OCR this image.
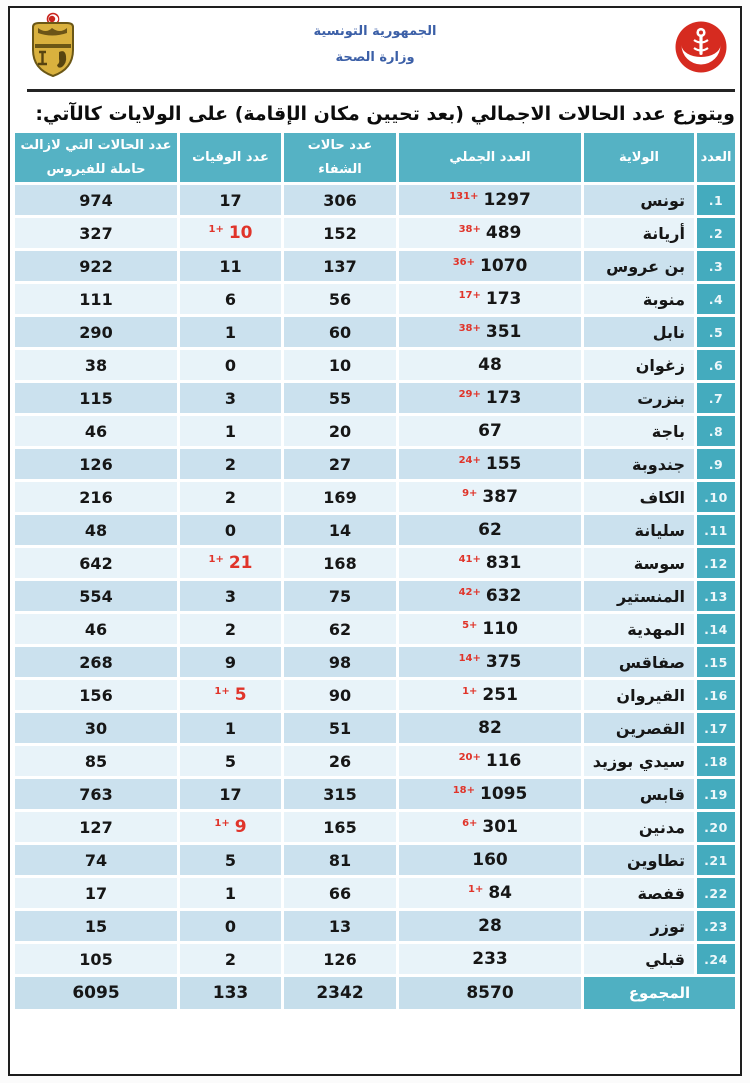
الجمهورية التونسية
وزارة الصحة
ويتوزع عدد الحالات الاجمالي (بعد تحيين مكان الإقامة) على الولايات كالآتي:
العدد	الولاية	العدد الجملي	عدد حالات الشفاء	عدد الوفيات	عدد الحالات التي لازالت حاملة للفيروس
.1	تونس	$1297^{131+}$	306	17	974
.2	أريانة	$489^{38+}$	152	$10^{1+}$	327
.3	بن عروس	$1070^{36+}$	137	11	922
.4	منوبة	$173^{17+}$	56	6	111
.5	نابل	$351^{38+}$	60	1	290
.6	زغوان	48	10	0	38
.7	بنزرت	$173^{29+}$	55	3	115
.8	باجة	67	20	1	46
.9	جندوبة	$155^{24+}$	27	2	126
.10	الكاف	$387^{9+}$	169	2	216
.11	سليانة	62	14	0	48
.12	سوسة	$831^{41+}$	168	$21^{1+}$	642
.13	المنستير	$632^{42+}$	75	3	554
.14	المهدية	$110^{5+}$	62	2	46
.15	صفاقس	$375^{14+}$	98	9	268
.16	القيروان	$251^{1+}$	90	$5^{1+}$	156
.17	القصرين	82	51	1	30
.18	سيدي بوزيد	$116^{20+}$	26	5	85
.19	قابس	$1095^{18+}$	315	17	763
.20	مدنين	$301^{6+}$	165	$9^{1+}$	127
.21	تطاوين	160	81	5	74
.22	قفصة	$84^{1+}$	66	1	17
.23	توزر	28	13	0	15
.24	قبلي	233	126	2	105
المجموع		8570	2342	133	6095
